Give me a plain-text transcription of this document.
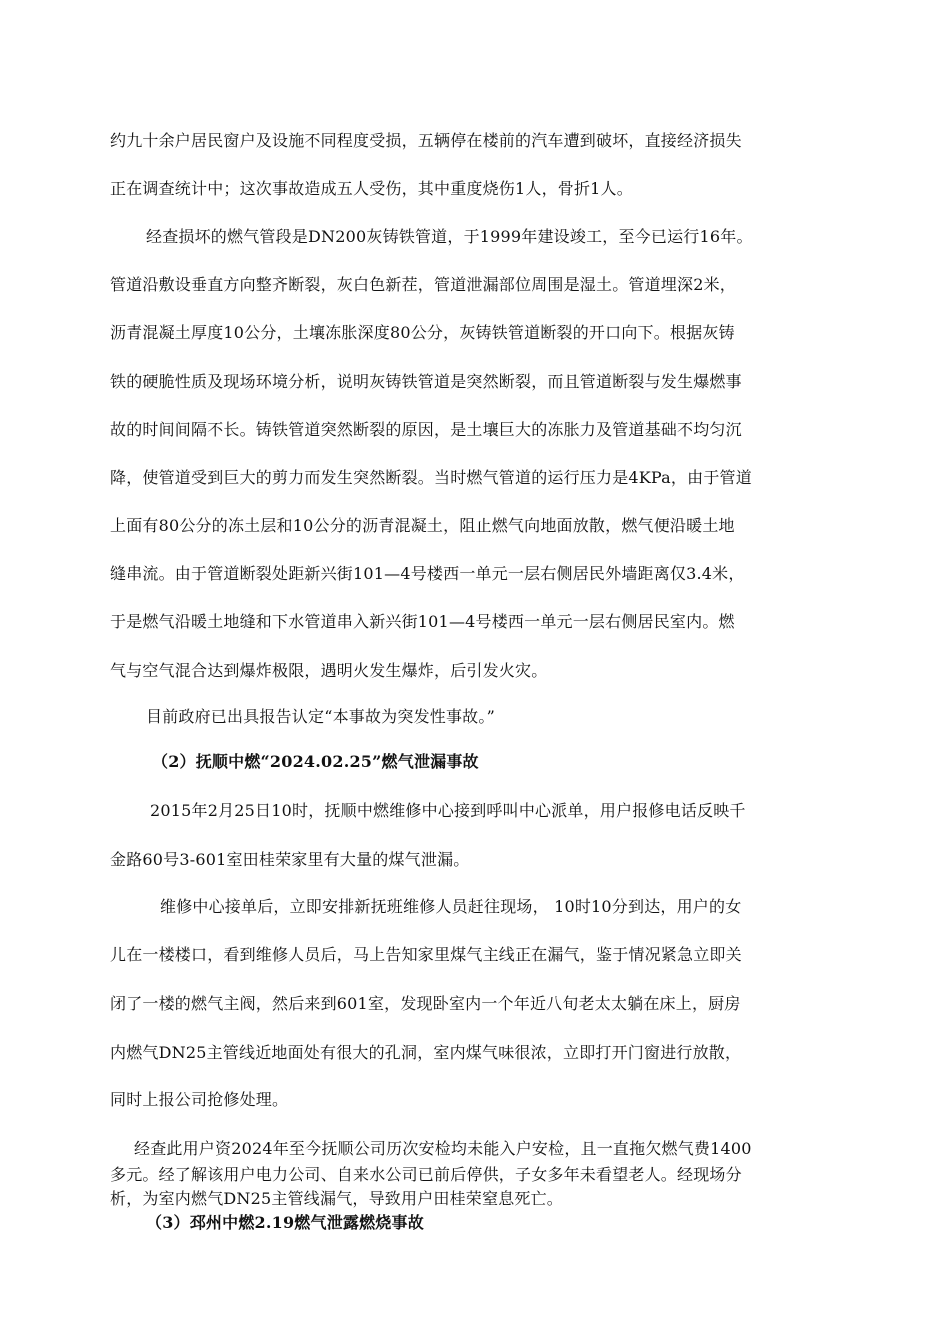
约九十余户居民窗户及设施不同程度受损，五辆停在楼前的汽车遭到破坏，直接经济损失
正在调查统计中；这次事故造成五人受伤，其中重度烧伤1人，骨折1人。
经查损坏的燃气管段是DN200灰铸铁管道，于1999年建设竣工，至今已运行16年。
管道沿敷设垂直方向整齐断裂，灰白色新茬，管道泄漏部位周围是湿土。管道埋深2米，
沥青混凝土厚度10公分，土壤冻胀深度80公分，灰铸铁管道断裂的开口向下。根据灰铸
铁的硬脆性质及现场环境分析，说明灰铸铁管道是突然断裂，而且管道断裂与发生爆燃事
故的时间间隔不长。铸铁管道突然断裂的原因，是土壤巨大的冻胀力及管道基础不均匀沉
降，使管道受到巨大的剪力而发生突然断裂。当时燃气管道的运行压力是4KPa，由于管道
上面有80公分的冻土层和10公分的沥青混凝土，阻止燃气向地面放散，燃气便沿暖土地
缝串流。由于管道断裂处距新兴街101—4号楼西一单元一层右侧居民外墙距离仅3.4米，
于是燃气沿暖土地缝和下水管道串入新兴街101—4号楼西一单元一层右侧居民室内。燃
气与空气混合达到爆炸极限，遇明火发生爆炸，后引发火灾。
目前政府已出具报告认定“本事故为突发性事故。”
（2）抚顺中燃“2024.02.25”燃气泄漏事故
2015年2月25日10时，抚顺中燃维修中心接到呼叫中心派单，用户报修电话反映千
金路60号3-601室田桂荣家里有大量的煤气泄漏。
维修中心接单后，立即安排新抚班维修人员赶往现场， 10时10分到达，用户的女
儿在一楼楼口，看到维修人员后，马上告知家里煤气主线正在漏气，鉴于情况紧急立即关
闭了一楼的燃气主阀，然后来到601室，发现卧室内一个年近八旬老太太躺在床上，厨房
内燃气DN25主管线近地面处有很大的孔洞，室内煤气味很浓，立即打开门窗进行放散，
同时上报公司抢修处理。
经查此用户资2024年至今抚顺公司历次安检均未能入户安检，且一直拖欠燃气费1400
多元。经了解该用户电力公司、自来水公司已前后停供，子女多年未看望老人。经现场分
析，为室内燃气DN25主管线漏气，导致用户田桂荣窒息死亡。
（3）邳州中燃2.19燃气泄露燃烧事故
